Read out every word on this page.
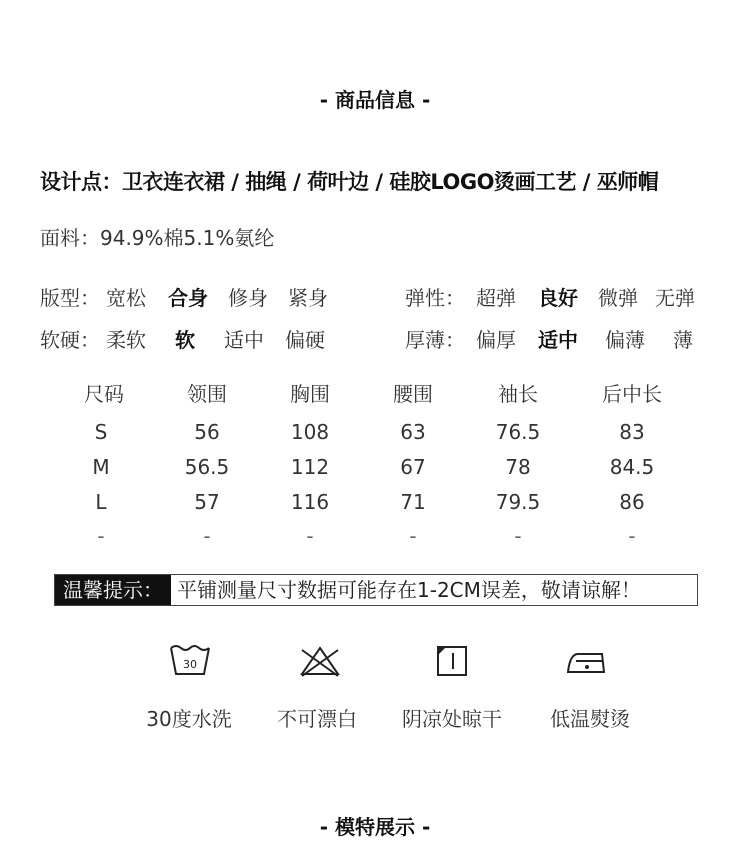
- 商品信息 -
设计点：卫衣连衣裙 / 抽绳 / 荷叶边 / 硅胶LOGO烫画工艺 / 巫师帽
面料：94.9%棉5.1%氨纶
版型： 宽松 合身 修身 紧身	弹性： 超弹 良好 微弹 无弹
软硬： 柔软 软 适中 偏硬	厚薄： 偏厚 适中 偏薄 薄
尺码	领围	胸围	腰围	袖长	后中长
S	56	108	63	76.5	83
M	56.5	112	67	78	84.5
L	57	116	71	79.5	86
-	-	-	-	-	-
温馨提示： 平铺测量尺寸数据可能存在1-2CM误差，敬请谅解！
30
30度水洗 不可漂白 阴凉处晾干 低温熨烫
- 模特展示 -
